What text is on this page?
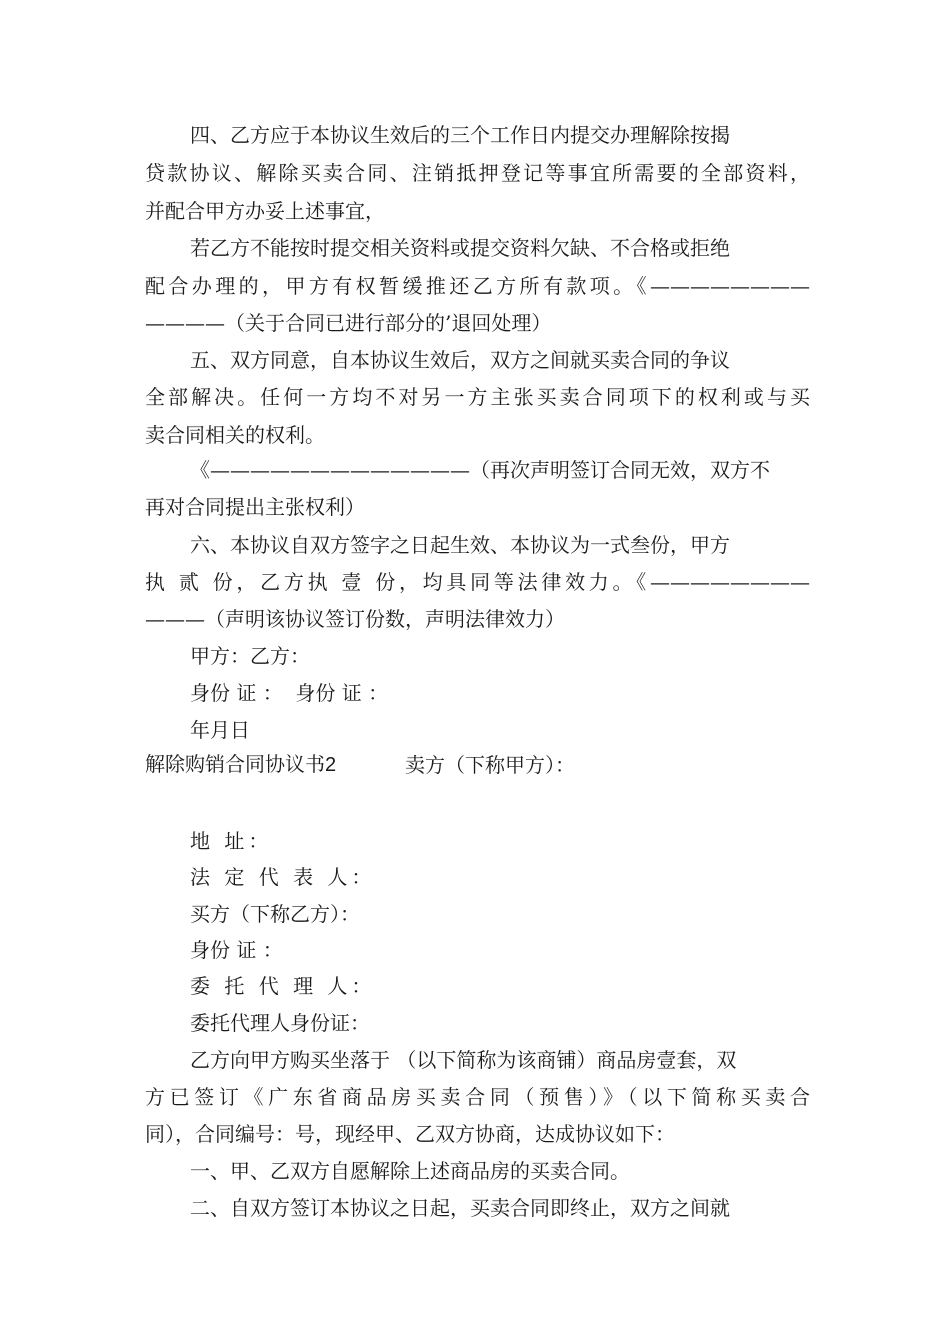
四、乙方应于本协议生效后的三个工作日内提交办理解除按揭
贷款协议、解除买卖合同、注销抵押登记等事宜所需要的全部资料，
并配合甲方办妥上述事宜，
若乙方不能按时提交相关资料或提交资料欠缺、不合格或拒绝
配合办理的，甲方有权暂缓推还乙方所有款项。《————————
————（关于合同已进行部分的’退回处理）
五、双方同意，自本协议生效后，双方之间就买卖合同的争议
全部解决。任何一方均不对另一方主张买卖合同项下的权利或与买
卖合同相关的权利。
《—————————————（再次声明签订合同无效，双方不
再对合同提出主张权利）
六、本协议自双方签字之日起生效、本协议为一式叁份，甲方
执 贰 份，乙方执 壹 份，均具同等法律效力。《————————
———（声明该协议签订份数，声明法律效力）
甲方：乙方：
身份 证 ：  身份 证 ：
年月日
解除购销合同协议书2	卖方（下称甲方）：
地 址：
法 定 代 表 人：
买方（下称乙方）：
身份 证 ：
委 托 代 理 人：
委托代理人身份证：
乙方向甲方购买坐落于 （以下简称为该商铺）商品房壹套，双
方已签订《广东省商品房买卖合同（预售）》（以下简称买卖合
同），合同编号：号，现经甲、乙双方协商，达成协议如下：
一、甲、乙双方自愿解除上述商品房的买卖合同。
二、自双方签订本协议之日起，买卖合同即终止，双方之间就
